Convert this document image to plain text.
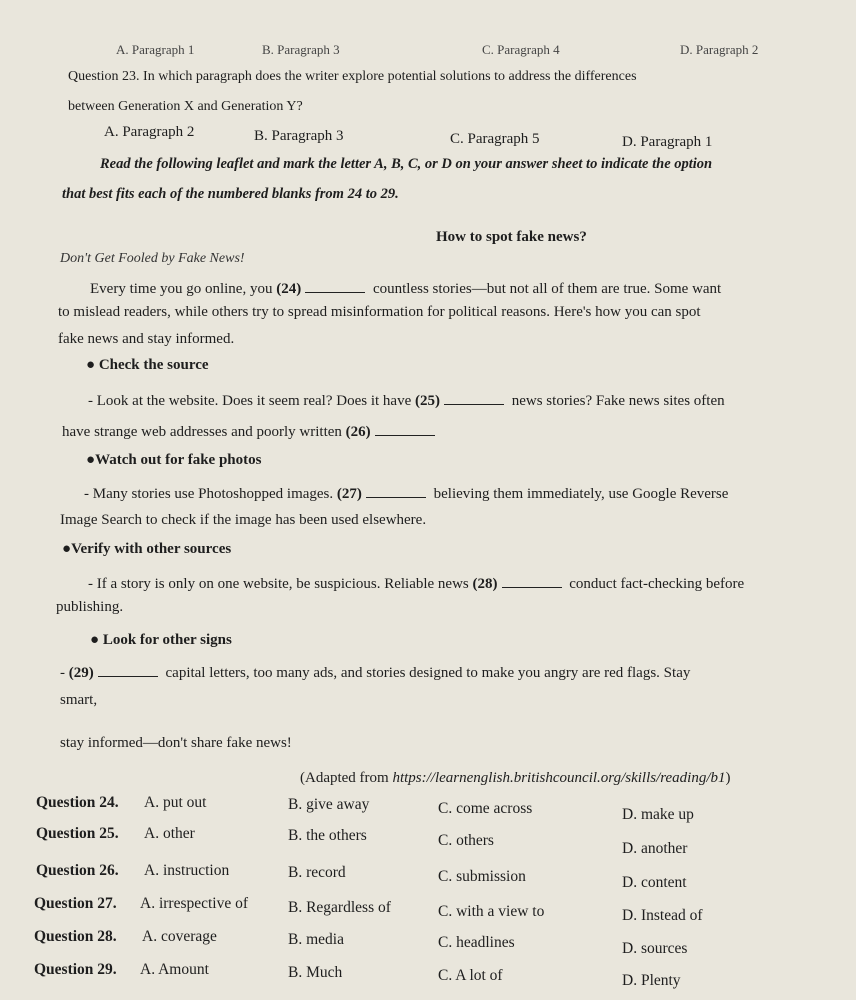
A. Paragraph 1	B. Paragraph 3	C. Paragraph 4	D. Paragraph 2
Question 23. In which paragraph does the writer explore potential solutions to address the differences
between Generation X and Generation Y?
A. Paragraph 2	B. Paragraph 3	C. Paragraph 5	D. Paragraph 1
Read the following leaflet and mark the letter A, B, C, or D on your answer sheet to indicate the option
that best fits each of the numbered blanks from 24 to 29.
How to spot fake news?
Don't Get Fooled by Fake News!
Every time you go online, you (24)	countless stories—but not all of them are true. Some want
to mislead readers, while others try to spread misinformation for political reasons. Here's how you can spot
fake news and stay informed.
● Check the source
- Look at the website. Does it seem real? Does it have (25)	news stories? Fake news sites often
have strange web addresses and poorly written (26)
●Watch out for fake photos
- Many stories use Photoshopped images. (27)	believing them immediately, use Google Reverse
Image Search to check if the image has been used elsewhere.
●Verify with other sources
- If a story is only on one website, be suspicious. Reliable news (28)	conduct fact-checking before
publishing.
● Look for other signs
- (29)	capital letters, too many ads, and stories designed to make you angry are red flags. Stay
smart,
stay informed—don't share fake news!
(Adapted from https://learnenglish.britishcouncil.org/skills/reading/b1)
Question 24. A. put out	B. give away	C. come across	D. make up
Question 25. A. other	B. the others	C. others	D. another
Question 26. A. instruction	B. record	C. submission	D. content
Question 27. A. irrespective of	B. Regardless of	C. with a view to	D. Instead of
Question 28. A. coverage	B. media	C. headlines	D. sources
Question 29. A. Amount	B. Much	C. A lot of	D. Plenty
